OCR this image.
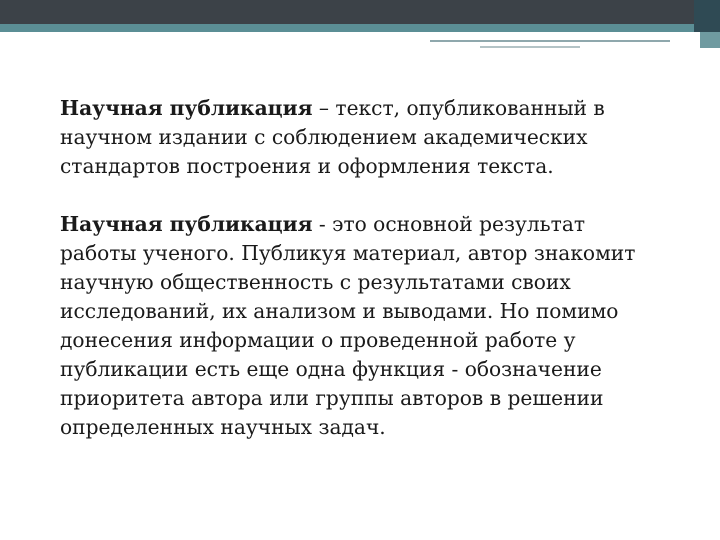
Научная публикация – текст, опубликованный в научном издании с соблюдением академических стандартов построения и оформления текста.

Научная публикация - это основной результат работы ученого. Публикуя материал, автор знакомит научную общественность с результатами своих исследований, их анализом и выводами. Но помимо донесения информации о проведенной работе у публикации есть еще одна функция - обозначение приоритета автора или группы авторов в решении определенных научных задач.
